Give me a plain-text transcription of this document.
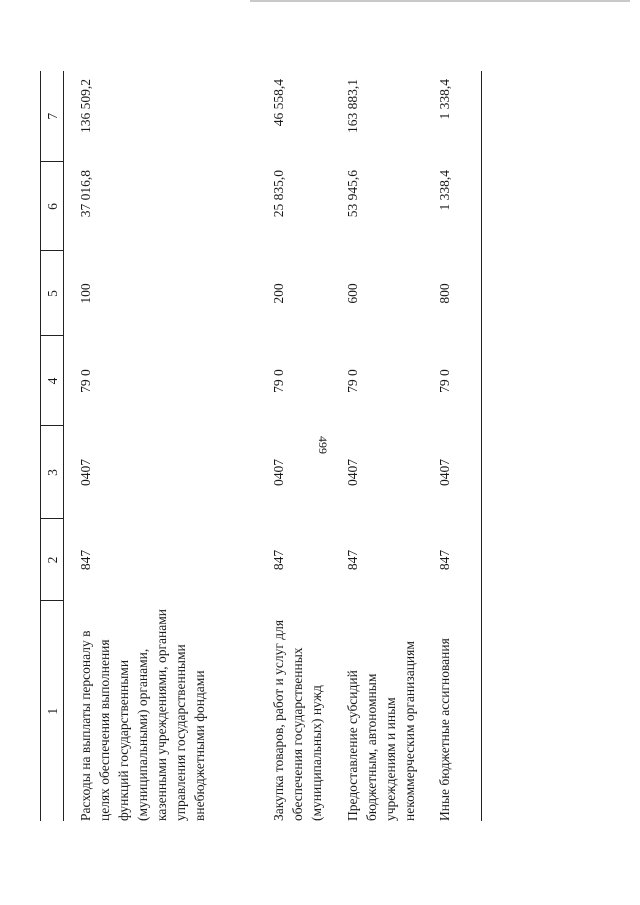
499
1	2	3	4	5	6	7
Расходы на выплаты персоналу в целях обеспечения выполнения функций государственными (муниципальными) органами, казенными учреждениями, органами управления государственными внебюджетными фондами	847	0407	79 0	100	37 016,8	136 509,2
Закупка товаров, работ и услуг для обеспечения государственных (муниципальных) нужд	847	0407	79 0	200	25 835,0	46 558,4
Предоставление субсидий бюджетным, автономным учреждениям и иным некоммерческим организациям	847	0407	79 0	600	53 945,6	163 883,1
Иные бюджетные ассигнования	847	0407	79 0	800	1 338,4	1 338,4
